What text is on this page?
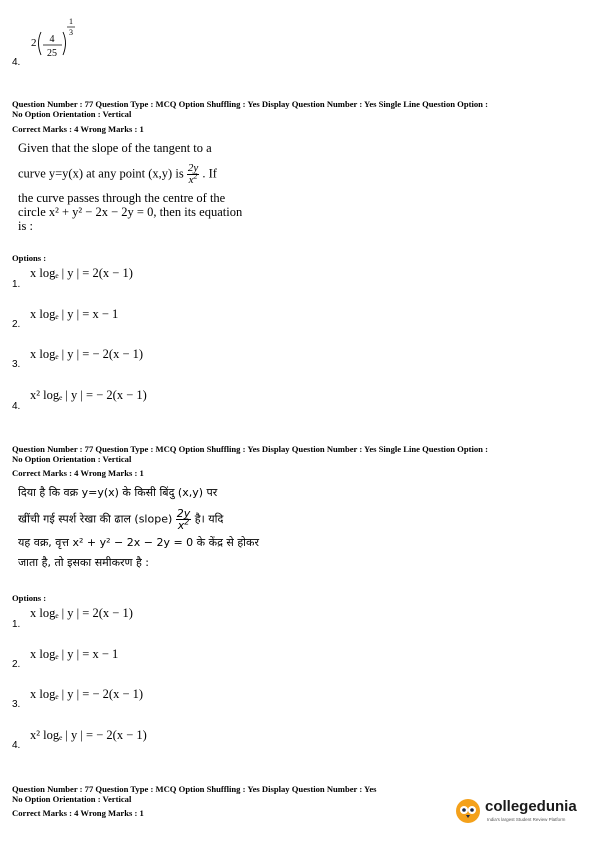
2 4
25
1
3
4.
Question Number : 77 Question Type : MCQ Option Shuffling : Yes Display Question Number : Yes Single Line Question Option :
No Option Orientation : Vertical
Correct Marks : 4 Wrong Marks : 1
Given that the slope of the tangent to a
curve y=y(x) at any point (x,y) is $\frac{2y}{x^2}$ . If
the curve passes through the centre of the
circle x² + y² − 2x − 2y = 0, then its equation
is :
Options :
1.
x logₑ | y | = 2(x − 1)
2.
x logₑ | y | = x − 1
3.
x logₑ | y | = − 2(x − 1)
4.
x² logₑ | y | = − 2(x − 1)
Question Number : 77 Question Type : MCQ Option Shuffling : Yes Display Question Number : Yes Single Line Question Option :
No Option Orientation : Vertical
Correct Marks : 4 Wrong Marks : 1
दिया है कि वक्र y=y(x) के किसी बिंदु (x,y) पर
खींची गई स्पर्श रेखा की ढाल (slope) $\frac{2y}{x^2}$ है। यदि
यह वक्र, वृत्त x² + y² − 2x − 2y = 0 के केंद्र से होकर
जाता है, तो इसका समीकरण है :
Options :
1.
x logₑ | y | = 2(x − 1)
2.
x logₑ | y | = x − 1
3.
x logₑ | y | = − 2(x − 1)
4.
x² logₑ | y | = − 2(x − 1)
Question Number : 77 Question Type : MCQ Option Shuffling : Yes Display Question Number : Yes
No Option Orientation : Vertical
Correct Marks : 4 Wrong Marks : 1	collegedunia
India's largest Student Review Platform
